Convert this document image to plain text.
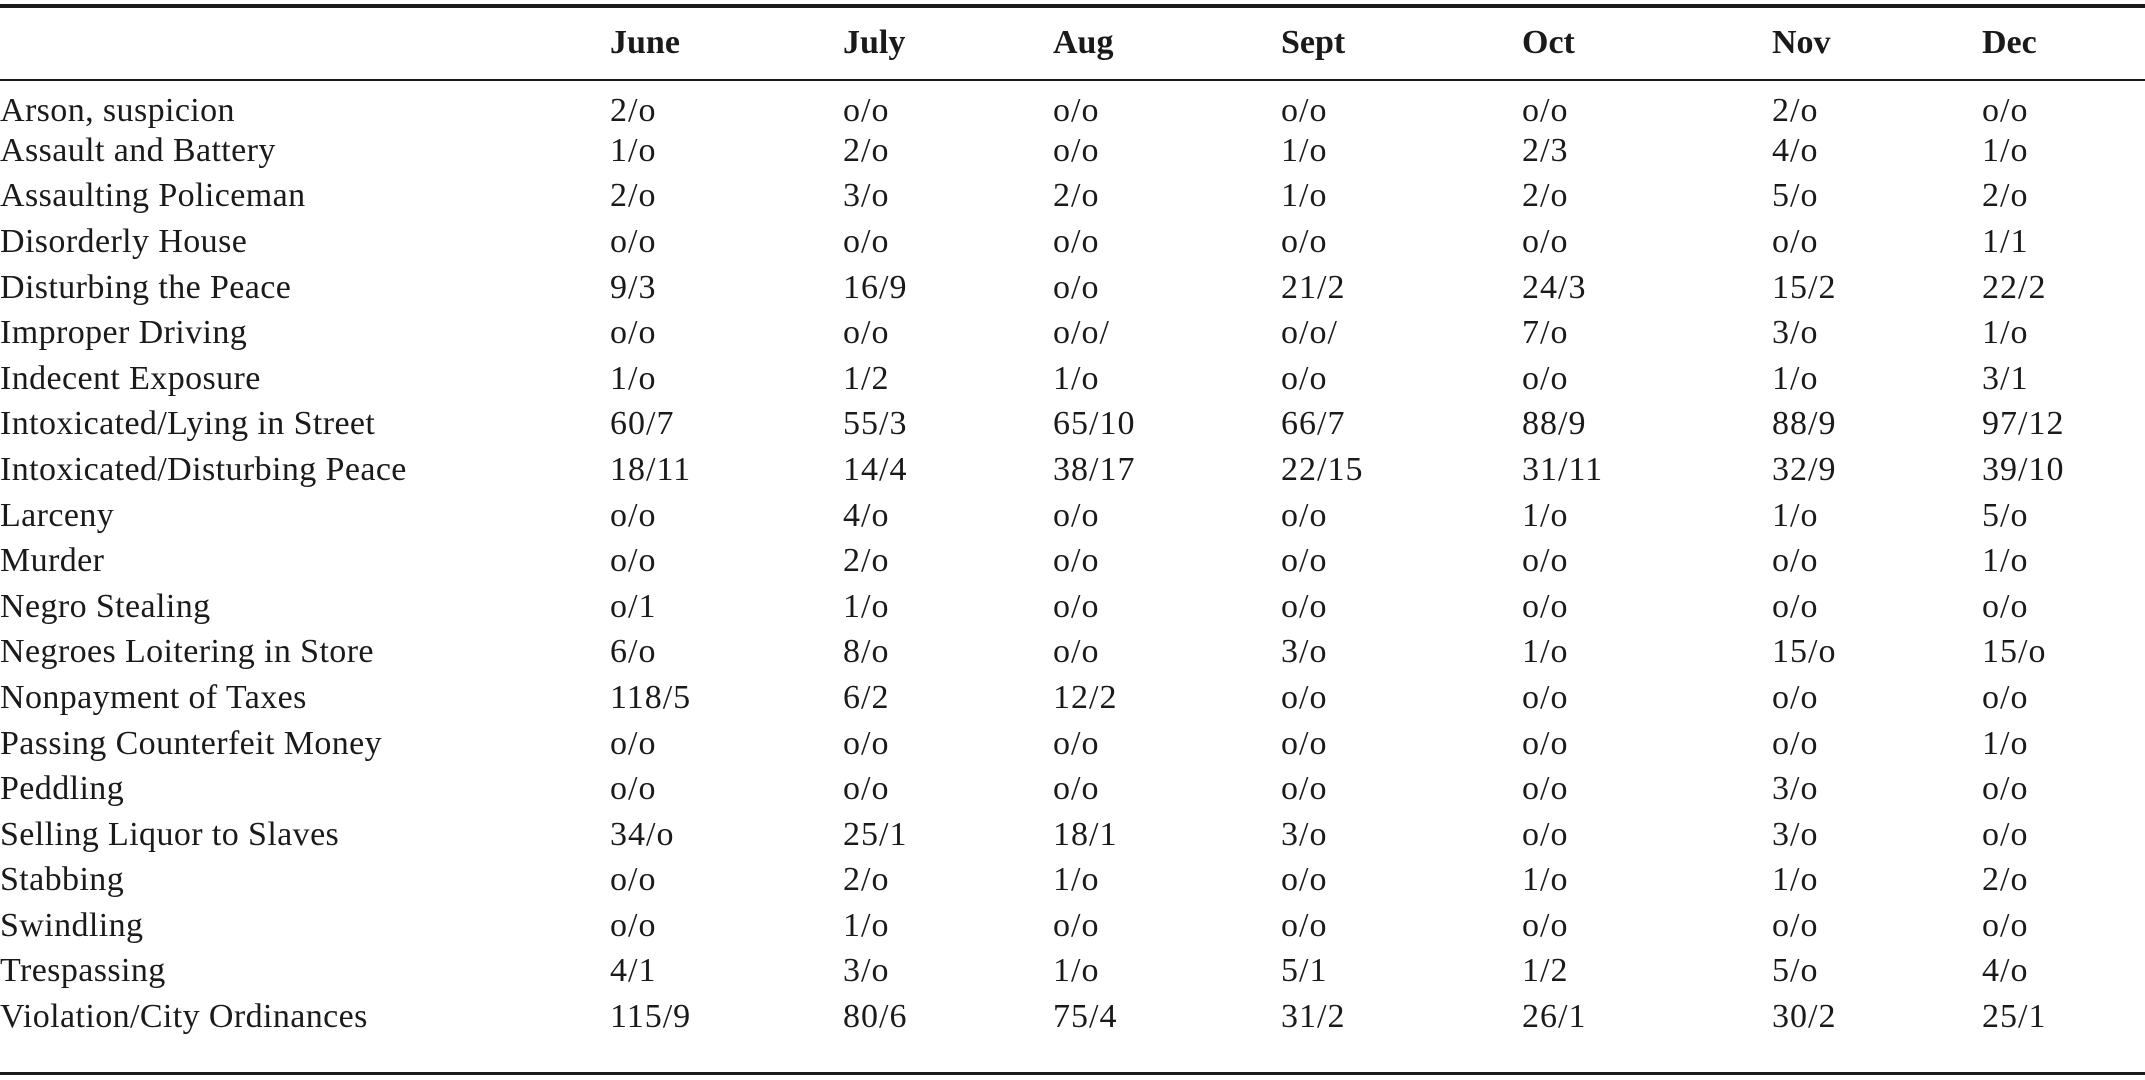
	June	July	Aug	Sept	Oct	Nov	Dec
Arson, suspicion	2/o	o/o	o/o	o/o	o/o	2/o	o/o
Assault and Battery	1/o	2/o	o/o	1/o	2/3	4/o	1/o
Assaulting Policeman	2/o	3/o	2/o	1/o	2/o	5/o	2/o
Disorderly House	o/o	o/o	o/o	o/o	o/o	o/o	1/1
Disturbing the Peace	9/3	16/9	o/o	21/2	24/3	15/2	22/2
Improper Driving	o/o	o/o	o/o/	o/o/	7/o	3/o	1/o
Indecent Exposure	1/o	1/2	1/o	o/o	o/o	1/o	3/1
Intoxicated/Lying in Street	60/7	55/3	65/10	66/7	88/9	88/9	97/12
Intoxicated/Disturbing Peace	18/11	14/4	38/17	22/15	31/11	32/9	39/10
Larceny	o/o	4/o	o/o	o/o	1/o	1/o	5/o
Murder	o/o	2/o	o/o	o/o	o/o	o/o	1/o
Negro Stealing	o/1	1/o	o/o	o/o	o/o	o/o	o/o
Negroes Loitering in Store	6/o	8/o	o/o	3/o	1/o	15/o	15/o
Nonpayment of Taxes	118/5	6/2	12/2	o/o	o/o	o/o	o/o
Passing Counterfeit Money	o/o	o/o	o/o	o/o	o/o	o/o	1/o
Peddling	o/o	o/o	o/o	o/o	o/o	3/o	o/o
Selling Liquor to Slaves	34/o	25/1	18/1	3/o	o/o	3/o	o/o
Stabbing	o/o	2/o	1/o	o/o	1/o	1/o	2/o
Swindling	o/o	1/o	o/o	o/o	o/o	o/o	o/o
Trespassing	4/1	3/o	1/o	5/1	1/2	5/o	4/o
Violation/City Ordinances	115/9	80/6	75/4	31/2	26/1	30/2	25/1
